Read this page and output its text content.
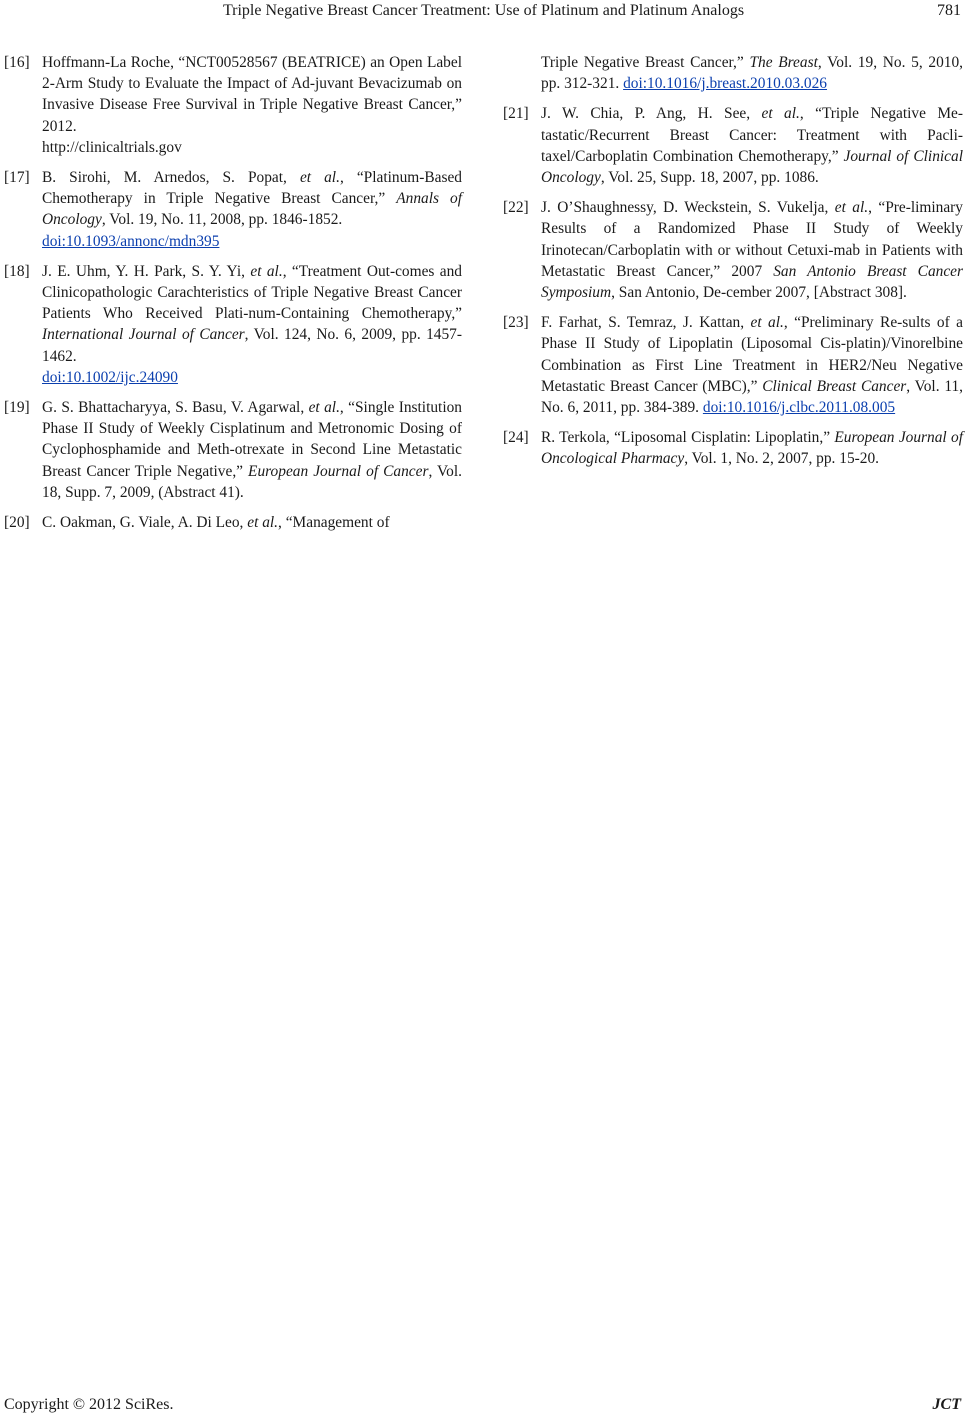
Triple Negative Breast Cancer Treatment: Use of Platinum and Platinum Analogs	781
[16] Hoffmann-La Roche, “NCT00528567 (BEATRICE) an Open Label 2-Arm Study to Evaluate the Impact of Ad-juvant Bevacizumab on Invasive Disease Free Survival in Triple Negative Breast Cancer,” 2012.
http://clinicaltrials.gov
[17] B. Sirohi, M. Arnedos, S. Popat, et al., “Platinum-Based Chemotherapy in Triple Negative Breast Cancer,” Annals of Oncology, Vol. 19, No. 11, 2008, pp. 1846-1852.
doi:10.1093/annonc/mdn395
[18] J. E. Uhm, Y. H. Park, S. Y. Yi, et al., “Treatment Out-comes and Clinicopathologic Carachteristics of Triple Negative Breast Cancer Patients Who Received Plati-num-Containing Chemotherapy,” International Journal of Cancer, Vol. 124, No. 6, 2009, pp. 1457-1462.
doi:10.1002/ijc.24090
[19] G. S. Bhattacharyya, S. Basu, V. Agarwal, et al., “Single Institution Phase II Study of Weekly Cisplatinum and Metronomic Dosing of Cyclophosphamide and Meth-otrexate in Second Line Metastatic Breast Cancer Triple Negative,” European Journal of Cancer, Vol. 18, Supp. 7, 2009, (Abstract 41).
[20] C. Oakman, G. Viale, A. Di Leo, et al., “Management of
Triple Negative Breast Cancer,” The Breast, Vol. 19, No. 5, 2010, pp. 312-321. doi:10.1016/j.breast.2010.03.026
[21] J. W. Chia, P. Ang, H. See, et al., “Triple Negative Me-tastatic/Recurrent Breast Cancer: Treatment with Pacli-taxel/Carboplatin Combination Chemotherapy,” Journal of Clinical Oncology, Vol. 25, Supp. 18, 2007, pp. 1086.
[22] J. O’Shaughnessy, D. Weckstein, S. Vukelja, et al., “Pre-liminary Results of a Randomized Phase II Study of Weekly Irinotecan/Carboplatin with or without Cetuxi-mab in Patients with Metastatic Breast Cancer,” 2007 San Antonio Breast Cancer Symposium, San Antonio, De-cember 2007, [Abstract 308].
[23] F. Farhat, S. Temraz, J. Kattan, et al., “Preliminary Re-sults of a Phase II Study of Lipoplatin (Liposomal Cis-platin)/Vinorelbine Combination as First Line Treatment in HER2/Neu Negative Metastatic Breast Cancer (MBC),” Clinical Breast Cancer, Vol. 11, No. 6, 2011, pp. 384-389. doi:10.1016/j.clbc.2011.08.005
[24] R. Terkola, “Liposomal Cisplatin: Lipoplatin,” European Journal of Oncological Pharmacy, Vol. 1, No. 2, 2007, pp. 15-20.
Copyright © 2012 SciRes.	JCT
